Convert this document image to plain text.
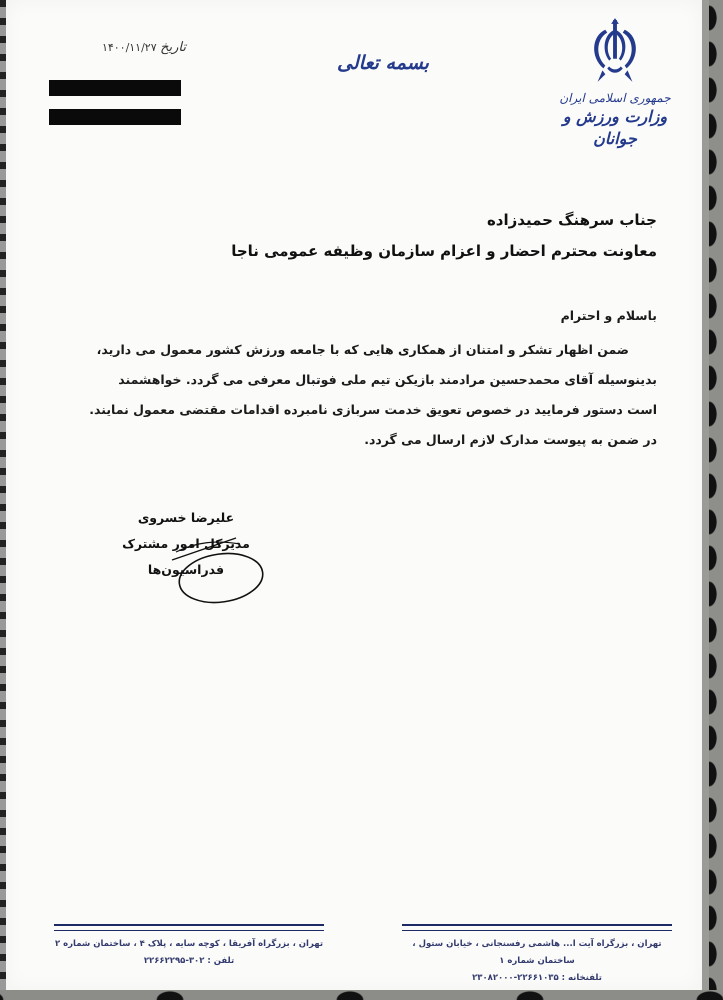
جمهوری اسلامی ایران
وزارت ورزش و جوانان
بسمه تعالی
تاریخ ۱۴۰۰/۱۱/۲۷
جناب سرهنگ حمیدزاده
معاونت محترم احضار و اعزام سازمان وظیفه عمومی ناجا
باسلام و احترام

ضمن اظهار تشکر و امتنان از همکاری هایی که با جامعه ورزش کشور معمول می دارید،

بدینوسیله آقای محمدحسین مرادمند بازیکن تیم ملی فوتبال معرفی می گردد. خواهشمند

است دستور فرمایید در خصوص تعویق خدمت سربازی نامبرده اقدامات مقتضی معمول نمایند.

در ضمن به پیوست مدارک لازم ارسال می گردد.

علیرضا خسروی
مدیرکل امور مشترک فدراسیون‌ها
تهران ، بزرگراه آیت ا... هاشمی رفسنجانی ، خیابان ستول ، ساختمان شماره ۱
تلفنخانه : ۲۲۶۶۱۰۳۵-۲۳۰۸۲۰۰۰
تهران ، بزرگراه آفریقا ، کوچه سایه ، پلاک ۴ ، ساختمان شماره ۲
تلفن : ۳۰۲-۲۲۶۶۲۲۹۵
